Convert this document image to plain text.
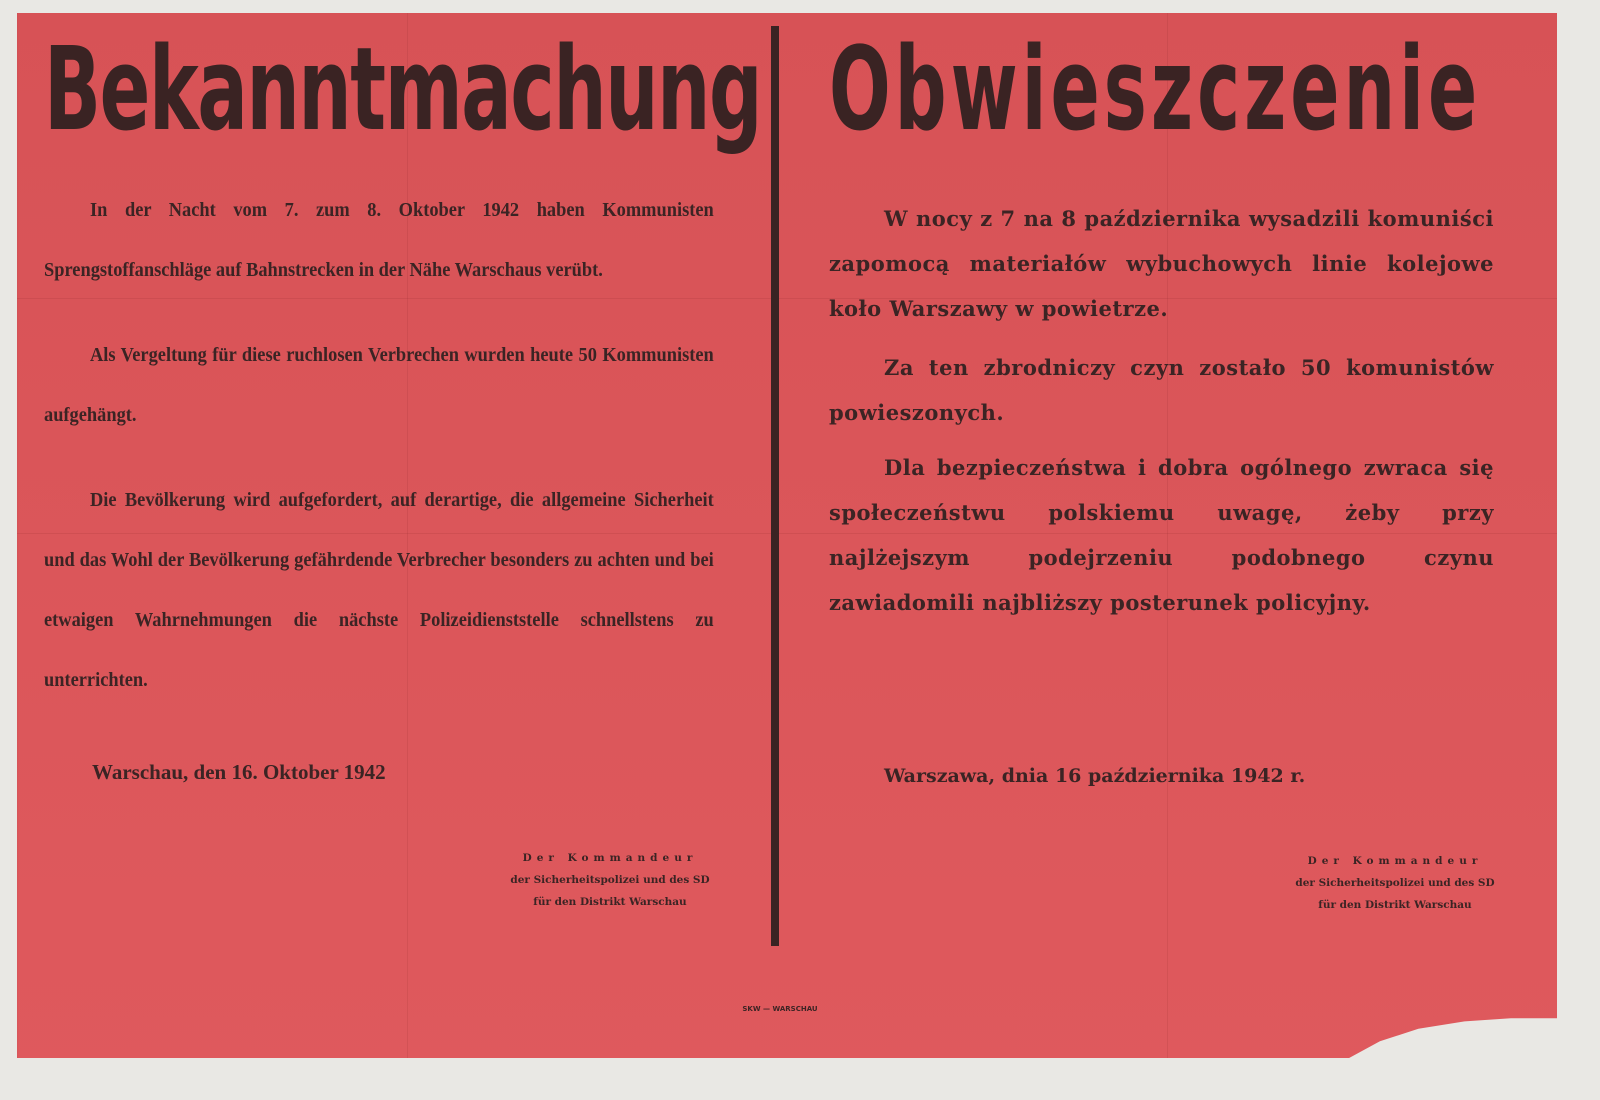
Bekanntmachung Obwieszczenie

In der Nacht vom 7. zum 8. Oktober 1942 haben Kommunisten Sprengstoffanschläge auf Bahnstrecken in der Nähe Warschaus verübt.

Als Vergeltung für diese ruchlosen Verbrechen wurden heute 50 Kommunisten aufgehängt.

Die Bevölkerung wird aufgefordert, auf derartige, die allgemeine Sicherheit und das Wohl der Bevölkerung gefährdende Verbrecher besonders zu achten und bei etwaigen Wahrnehmungen die nächste Polizeidienststelle schnellstens zu unterrichten.

Warschau, den 16. Oktober 1942
Der Kommandeur
der Sicherheitspolizei und des SD
für den Distrikt Warschau

W nocy z 7 na 8 października wysadzili komuniści zapomocą materiałów wybuchowych linie kolejowe koło Warszawy w powietrze.

Za ten zbrodniczy czyn zostało 50 komunistów powieszonych.

Dla bezpieczeństwa i dobra ogólnego zwraca się społeczeństwu polskiemu uwagę, żeby przy najlżejszym podejrzeniu podobnego czynu zawiadomili najbliższy posterunek policyjny.

Warszawa, dnia 16 października 1942 r.
Der Kommandeur
der Sicherheitspolizei und des SD
für den Distrikt Warschau
SKW — WARSCHAU
